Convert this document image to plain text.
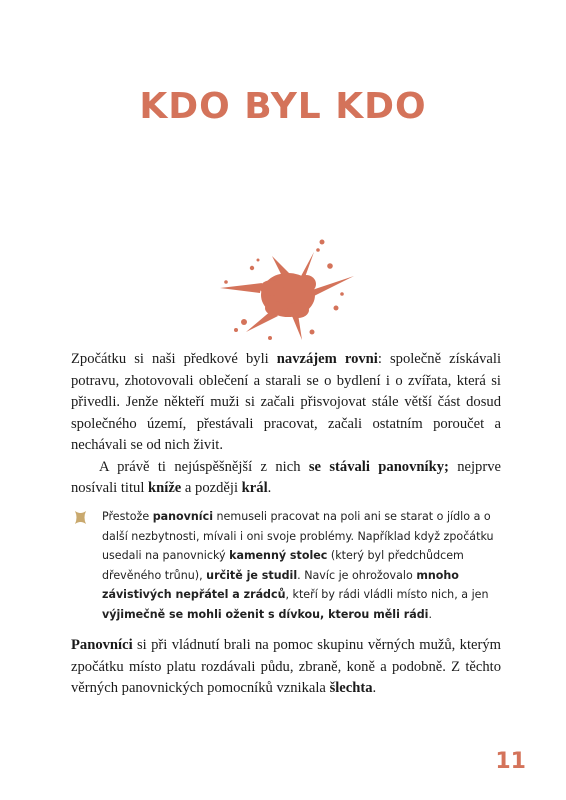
KDO BYL KDO

Zpočátku si naši předkové byli navzájem rovni: společně získávali potravu, zhotovovali oblečení a starali se o bydlení i o zvířata, která si přivedli. Jenže někteří muži si začali přisvojovat stále větší část dosud společného území, přestávali pracovat, začali ostatním poroučet a nechávali se od nich živit.

A právě ti nejúspěšnější z nich se stávali panovníky; nejprve nosívali titul kníže a později král.

Přestože panovníci nemuseli pracovat na poli ani se starat o jídlo a o další nezbytnosti, mívali i oni svoje problémy. Například když zpočátku usedali na panovnický kamenný stolec (který byl předchůdcem dřevěného trůnu), určitě je studil. Navíc je ohrožovalo mnoho závistivých nepřátel a zrádců, kteří by rádi vládli místo nich, a jen výjimečně se mohli oženit s dívkou, kterou měli rádi.

Panovníci si při vládnutí brali na pomoc skupinu věrných mužů, kterým zpočátku místo platu rozdávali půdu, zbraně, koně a podobně. Z těchto věrných panovnických pomocníků vznikala šlechta.

11
